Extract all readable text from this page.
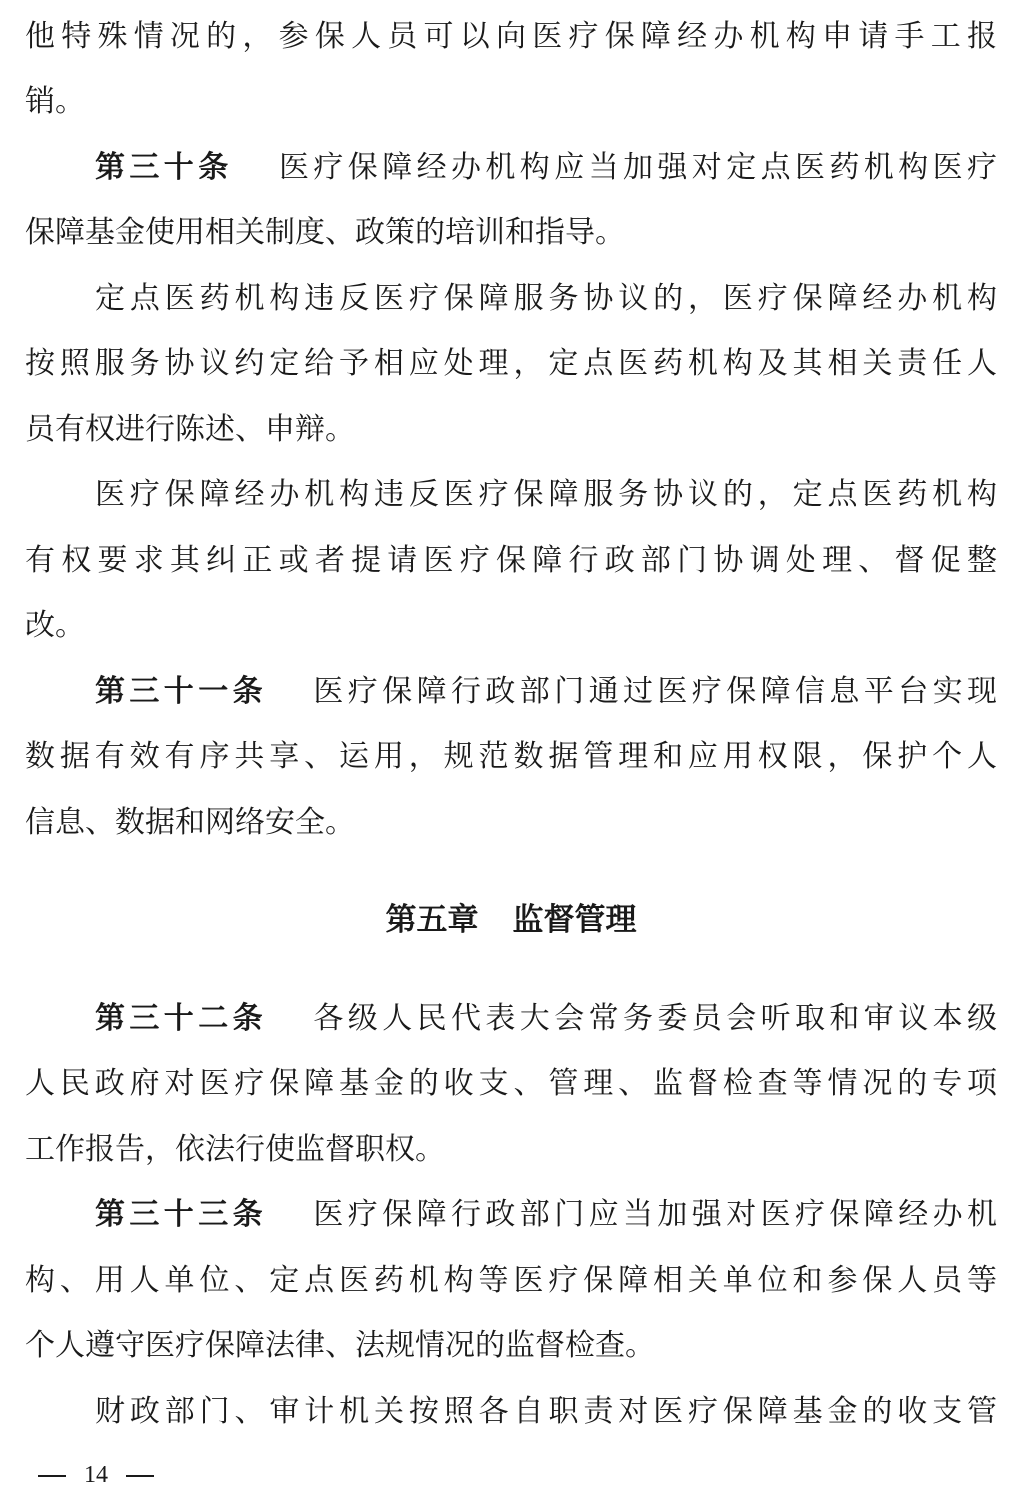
他特殊情况的，参保人员可以向医疗保障经办机构申请手工报
销。
第三十条 医疗保障经办机构应当加强对定点医药机构医疗
保障基金使用相关制度、政策的培训和指导。
定点医药机构违反医疗保障服务协议的，医疗保障经办机构
按照服务协议约定给予相应处理，定点医药机构及其相关责任人
员有权进行陈述、申辩。
医疗保障经办机构违反医疗保障服务协议的，定点医药机构
有权要求其纠正或者提请医疗保障行政部门协调处理、督促整
改。
第三十一条 医疗保障行政部门通过医疗保障信息平台实现
数据有效有序共享、运用，规范数据管理和应用权限，保护个人
信息、数据和网络安全。
第五章 监督管理
第三十二条 各级人民代表大会常务委员会听取和审议本级
人民政府对医疗保障基金的收支、管理、监督检查等情况的专项
工作报告，依法行使监督职权。
第三十三条 医疗保障行政部门应当加强对医疗保障经办机
构、用人单位、定点医药机构等医疗保障相关单位和参保人员等
个人遵守医疗保障法律、法规情况的监督检查。
财政部门、审计机关按照各自职责对医疗保障基金的收支管
14
